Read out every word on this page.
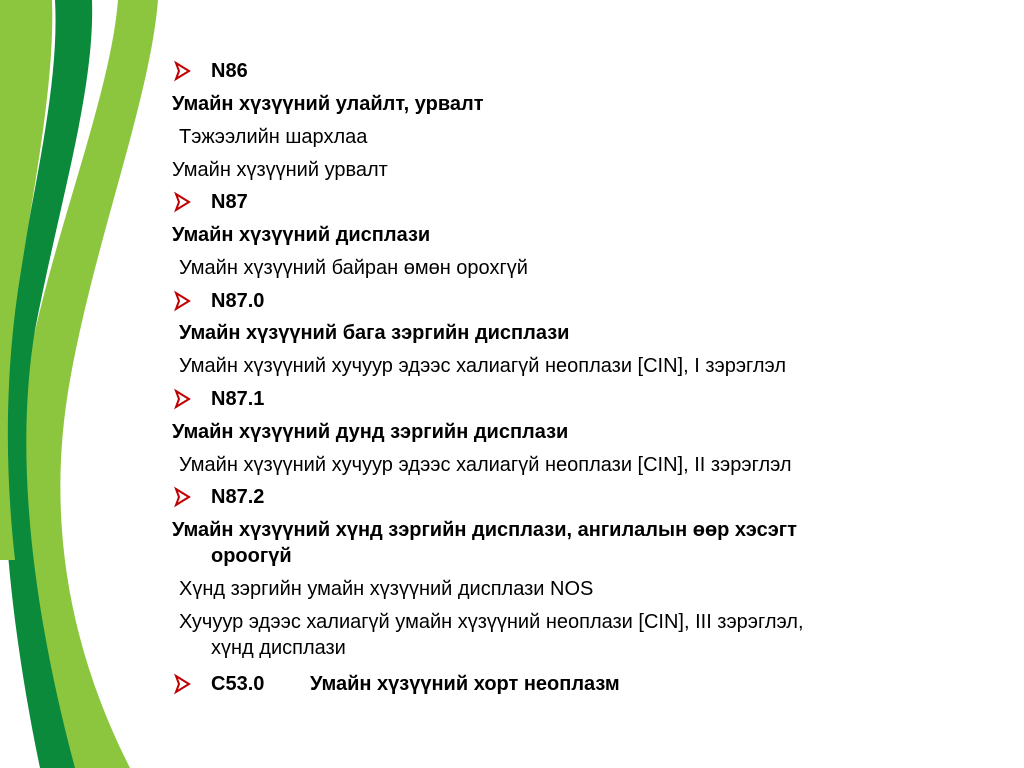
N86
Умайн хүзүүний улайлт, урвалт
Тэжээлийн шархлаа
Умайн хүзүүний урвалт
N87
Умайн хүзүүний дисплази
Умайн хүзүүний байран өмөн орохгүй
N87.0
Умайн хүзүүний бага зэргийн дисплази
Умайн хүзүүний хучуур эдээс халиагүй неоплази [CIN], I зэрэглэл
N87.1
Умайн хүзүүний дунд зэргийн дисплази
Умайн хүзүүний хучуур эдээс халиагүй неоплази [CIN], II зэрэглэл
N87.2
Умайн хүзүүний хүнд зэргийн дисплази, ангилалын өөр хэсэгт
ороогүй
Хүнд зэргийн умайн хүзүүний дисплази NOS
Хучуур эдээс халиагүй умайн хүзүүний неоплази [CIN], III зэрэглэл,
хүнд дисплази
C53.0 Умайн хүзүүний хорт неоплазм
